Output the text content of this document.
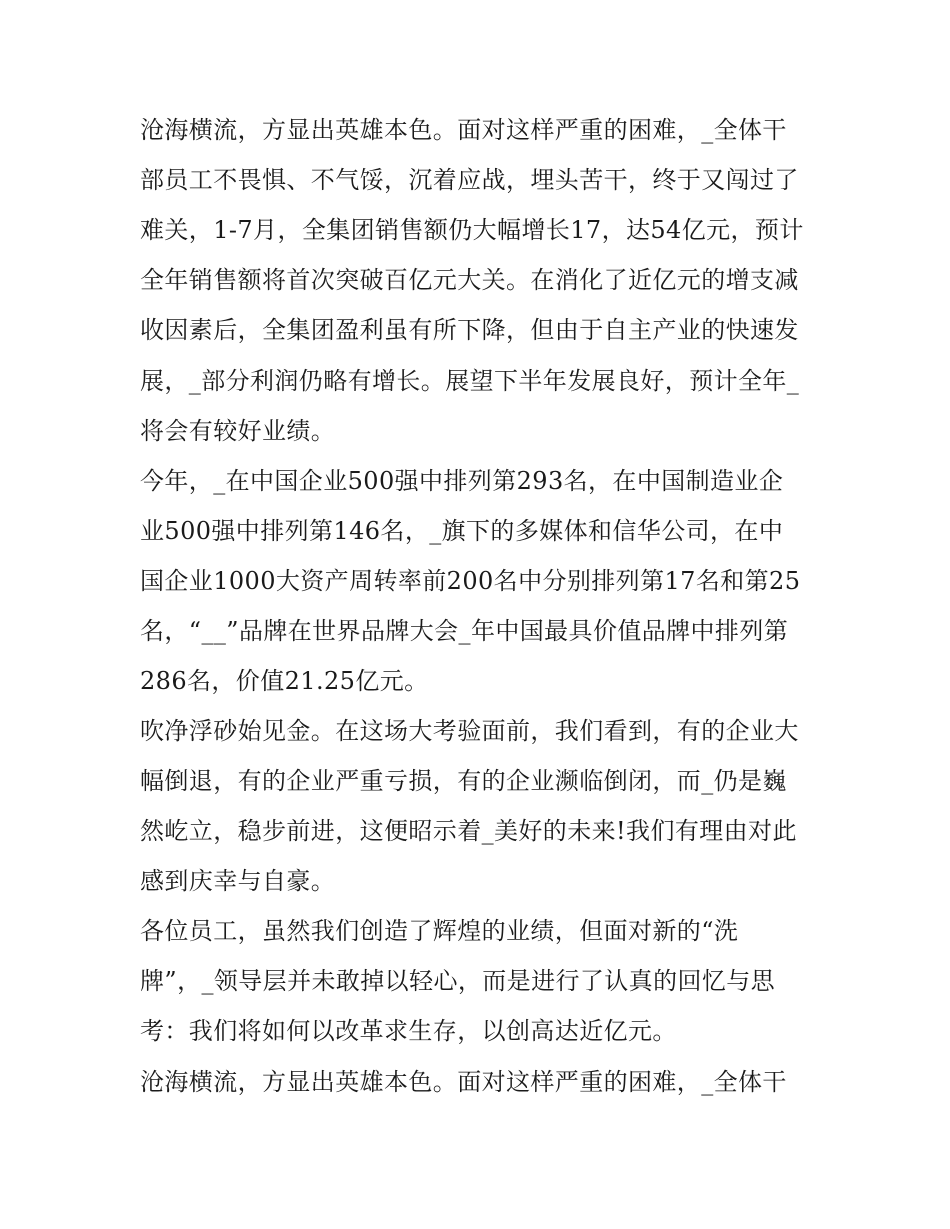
沧海横流，方显出英雄本色。面对这样严重的困难，_全体干
部员工不畏惧、不气馁，沉着应战，埋头苦干，终于又闯过了
难关，1-7月，全集团销售额仍大幅增长17，达54亿元，预计
全年销售额将首次突破百亿元大关。在消化了近亿元的增支减
收因素后，全集团盈利虽有所下降，但由于自主产业的快速发
展，_部分利润仍略有增长。展望下半年发展良好，预计全年_
将会有较好业绩。
今年，_在中国企业500强中排列第293名，在中国制造业企
业500强中排列第146名，_旗下的多媒体和信华公司，在中
国企业1000大资产周转率前200名中分别排列第17名和第25
名，“__”品牌在世界品牌大会_年中国最具价值品牌中排列第
286名，价值21.25亿元。
吹净浮砂始见金。在这场大考验面前，我们看到，有的企业大
幅倒退，有的企业严重亏损，有的企业濒临倒闭，而_仍是巍
然屹立，稳步前进，这便昭示着_美好的未来!我们有理由对此
感到庆幸与自豪。
各位员工，虽然我们创造了辉煌的业绩，但面对新的“洗
牌”，_领导层并未敢掉以轻心，而是进行了认真的回忆与思
考：我们将如何以改革求生存，以创高达近亿元。
沧海横流，方显出英雄本色。面对这样严重的困难，_全体干
